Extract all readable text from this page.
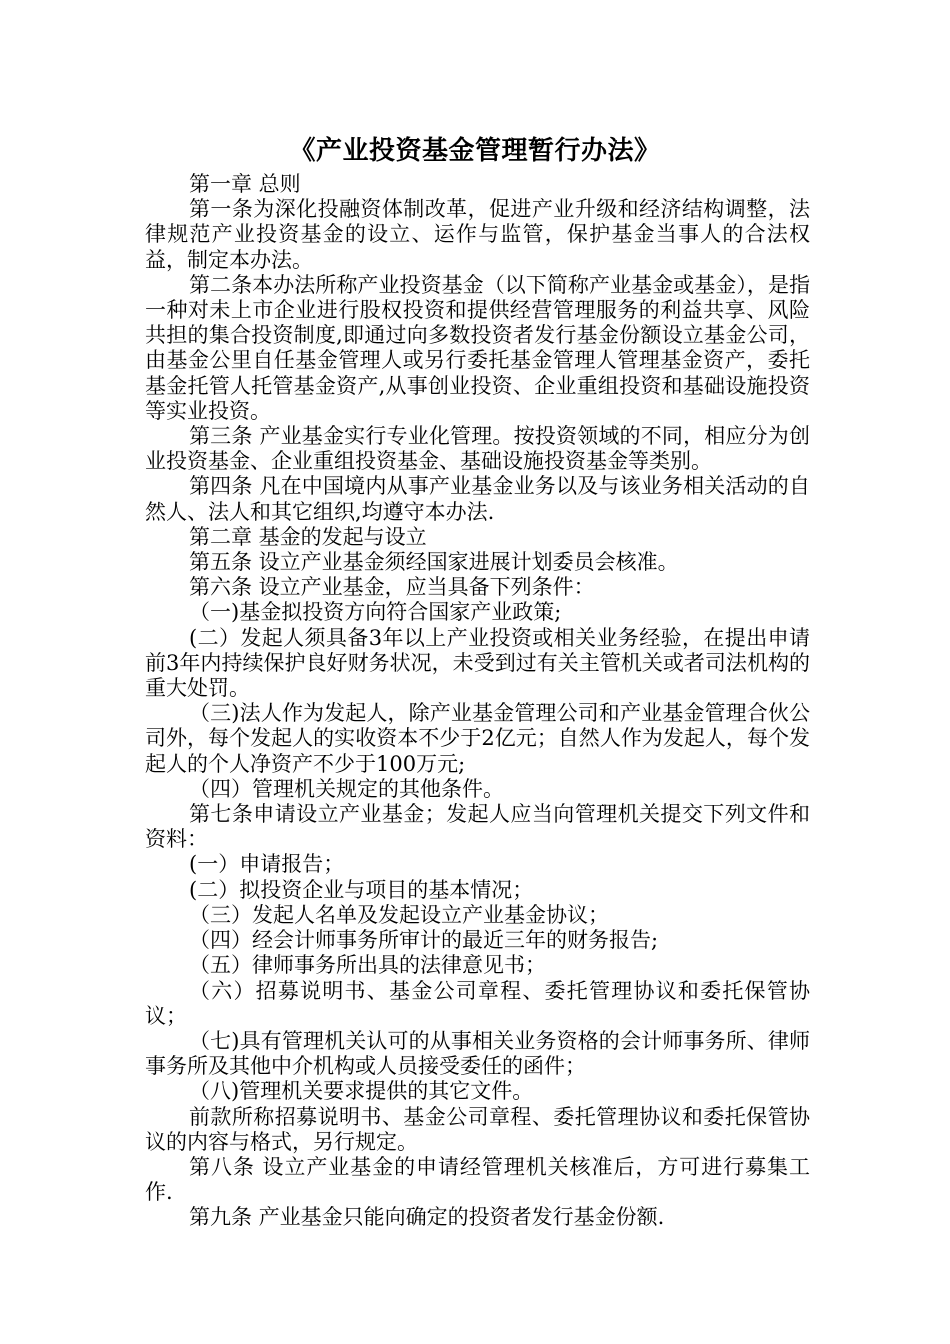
《产业投资基金管理暂行办法》

第一章 总则

第一条为深化投融资体制改革，促进产业升级和经济结构调整，法律规范产业投资基金的设立、运作与监管，保护基金当事人的合法权益，制定本办法。

第二条本办法所称产业投资基金（以下简称产业基金或基金），是指一种对未上市企业进行股权投资和提供经营管理服务的利益共享、风险共担的集合投资制度,即通过向多数投资者发行基金份额设立基金公司，由基金公里自任基金管理人或另行委托基金管理人管理基金资产，委托基金托管人托管基金资产,从事创业投资、企业重组投资和基础设施投资等实业投资。

第三条 产业基金实行专业化管理。按投资领域的不同，相应分为创业投资基金、企业重组投资基金、基础设施投资基金等类别。

第四条 凡在中国境内从事产业基金业务以及与该业务相关活动的自然人、法人和其它组织,均遵守本办法.

第二章 基金的发起与设立

第五条 设立产业基金须经国家进展计划委员会核准。

第六条 设立产业基金，应当具备下列条件：

（一)基金拟投资方向符合国家产业政策;

(二）发起人须具备3年以上产业投资或相关业务经验，在提出申请前3年内持续保护良好财务状况，未受到过有关主管机关或者司法机构的重大处罚。

（三)法人作为发起人，除产业基金管理公司和产业基金管理合伙公司外，每个发起人的实收资本不少于2亿元；自然人作为发起人，每个发起人的个人净资产不少于100万元;

（四）管理机关规定的其他条件。

第七条申请设立产业基金；发起人应当向管理机关提交下列文件和资料：

(一）申请报告；

(二）拟投资企业与项目的基本情况；

（三）发起人名单及发起设立产业基金协议；

（四）经会计师事务所审计的最近三年的财务报告;

（五）律师事务所出具的法律意见书；

（六）招募说明书、基金公司章程、委托管理协议和委托保管协议；

（七)具有管理机关认可的从事相关业务资格的会计师事务所、律师事务所及其他中介机构或人员接受委任的函件；

（八)管理机关要求提供的其它文件。

前款所称招募说明书、基金公司章程、委托管理协议和委托保管协议的内容与格式，另行规定。

第八条 设立产业基金的申请经管理机关核准后，方可进行募集工作.

第九条 产业基金只能向确定的投资者发行基金份额.
